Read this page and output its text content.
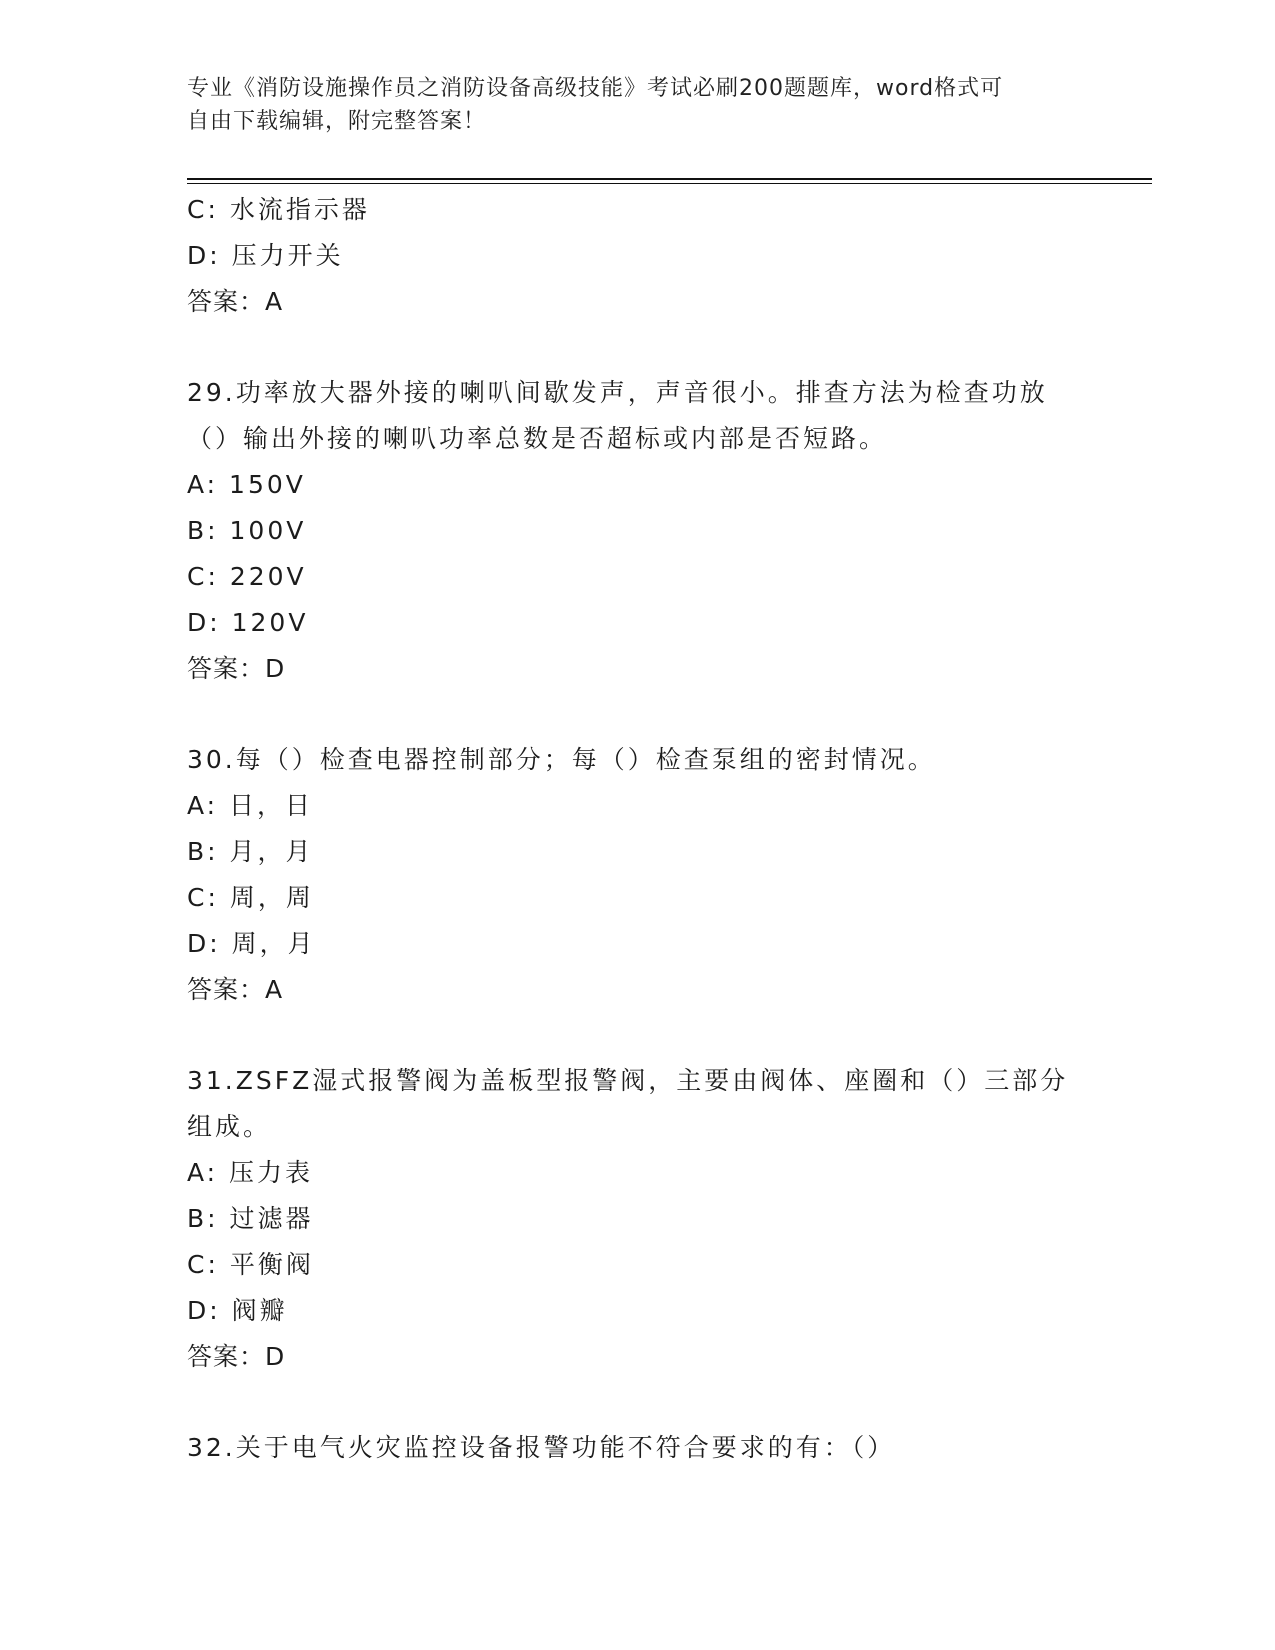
专业《消防设施操作员之消防设备高级技能》考试必刷200题题库，word格式可
自由下载编辑，附完整答案！
C: 水流指示器
D: 压力开关
答案：A
29.功率放大器外接的喇叭间歇发声，声音很小。排查方法为检查功放
（）输出外接的喇叭功率总数是否超标或内部是否短路。
A: 150V
B: 100V
C: 220V
D: 120V
答案：D
30.每（）检查电器控制部分；每（）检查泵组的密封情况。
A: 日，日
B: 月，月
C: 周，周
D: 周，月
答案：A
31.ZSFZ湿式报警阀为盖板型报警阀，主要由阀体、座圈和（）三部分
组成。
A: 压力表
B: 过滤器
C: 平衡阀
D: 阀瓣
答案：D
32.关于电气火灾监控设备报警功能不符合要求的有：（）
